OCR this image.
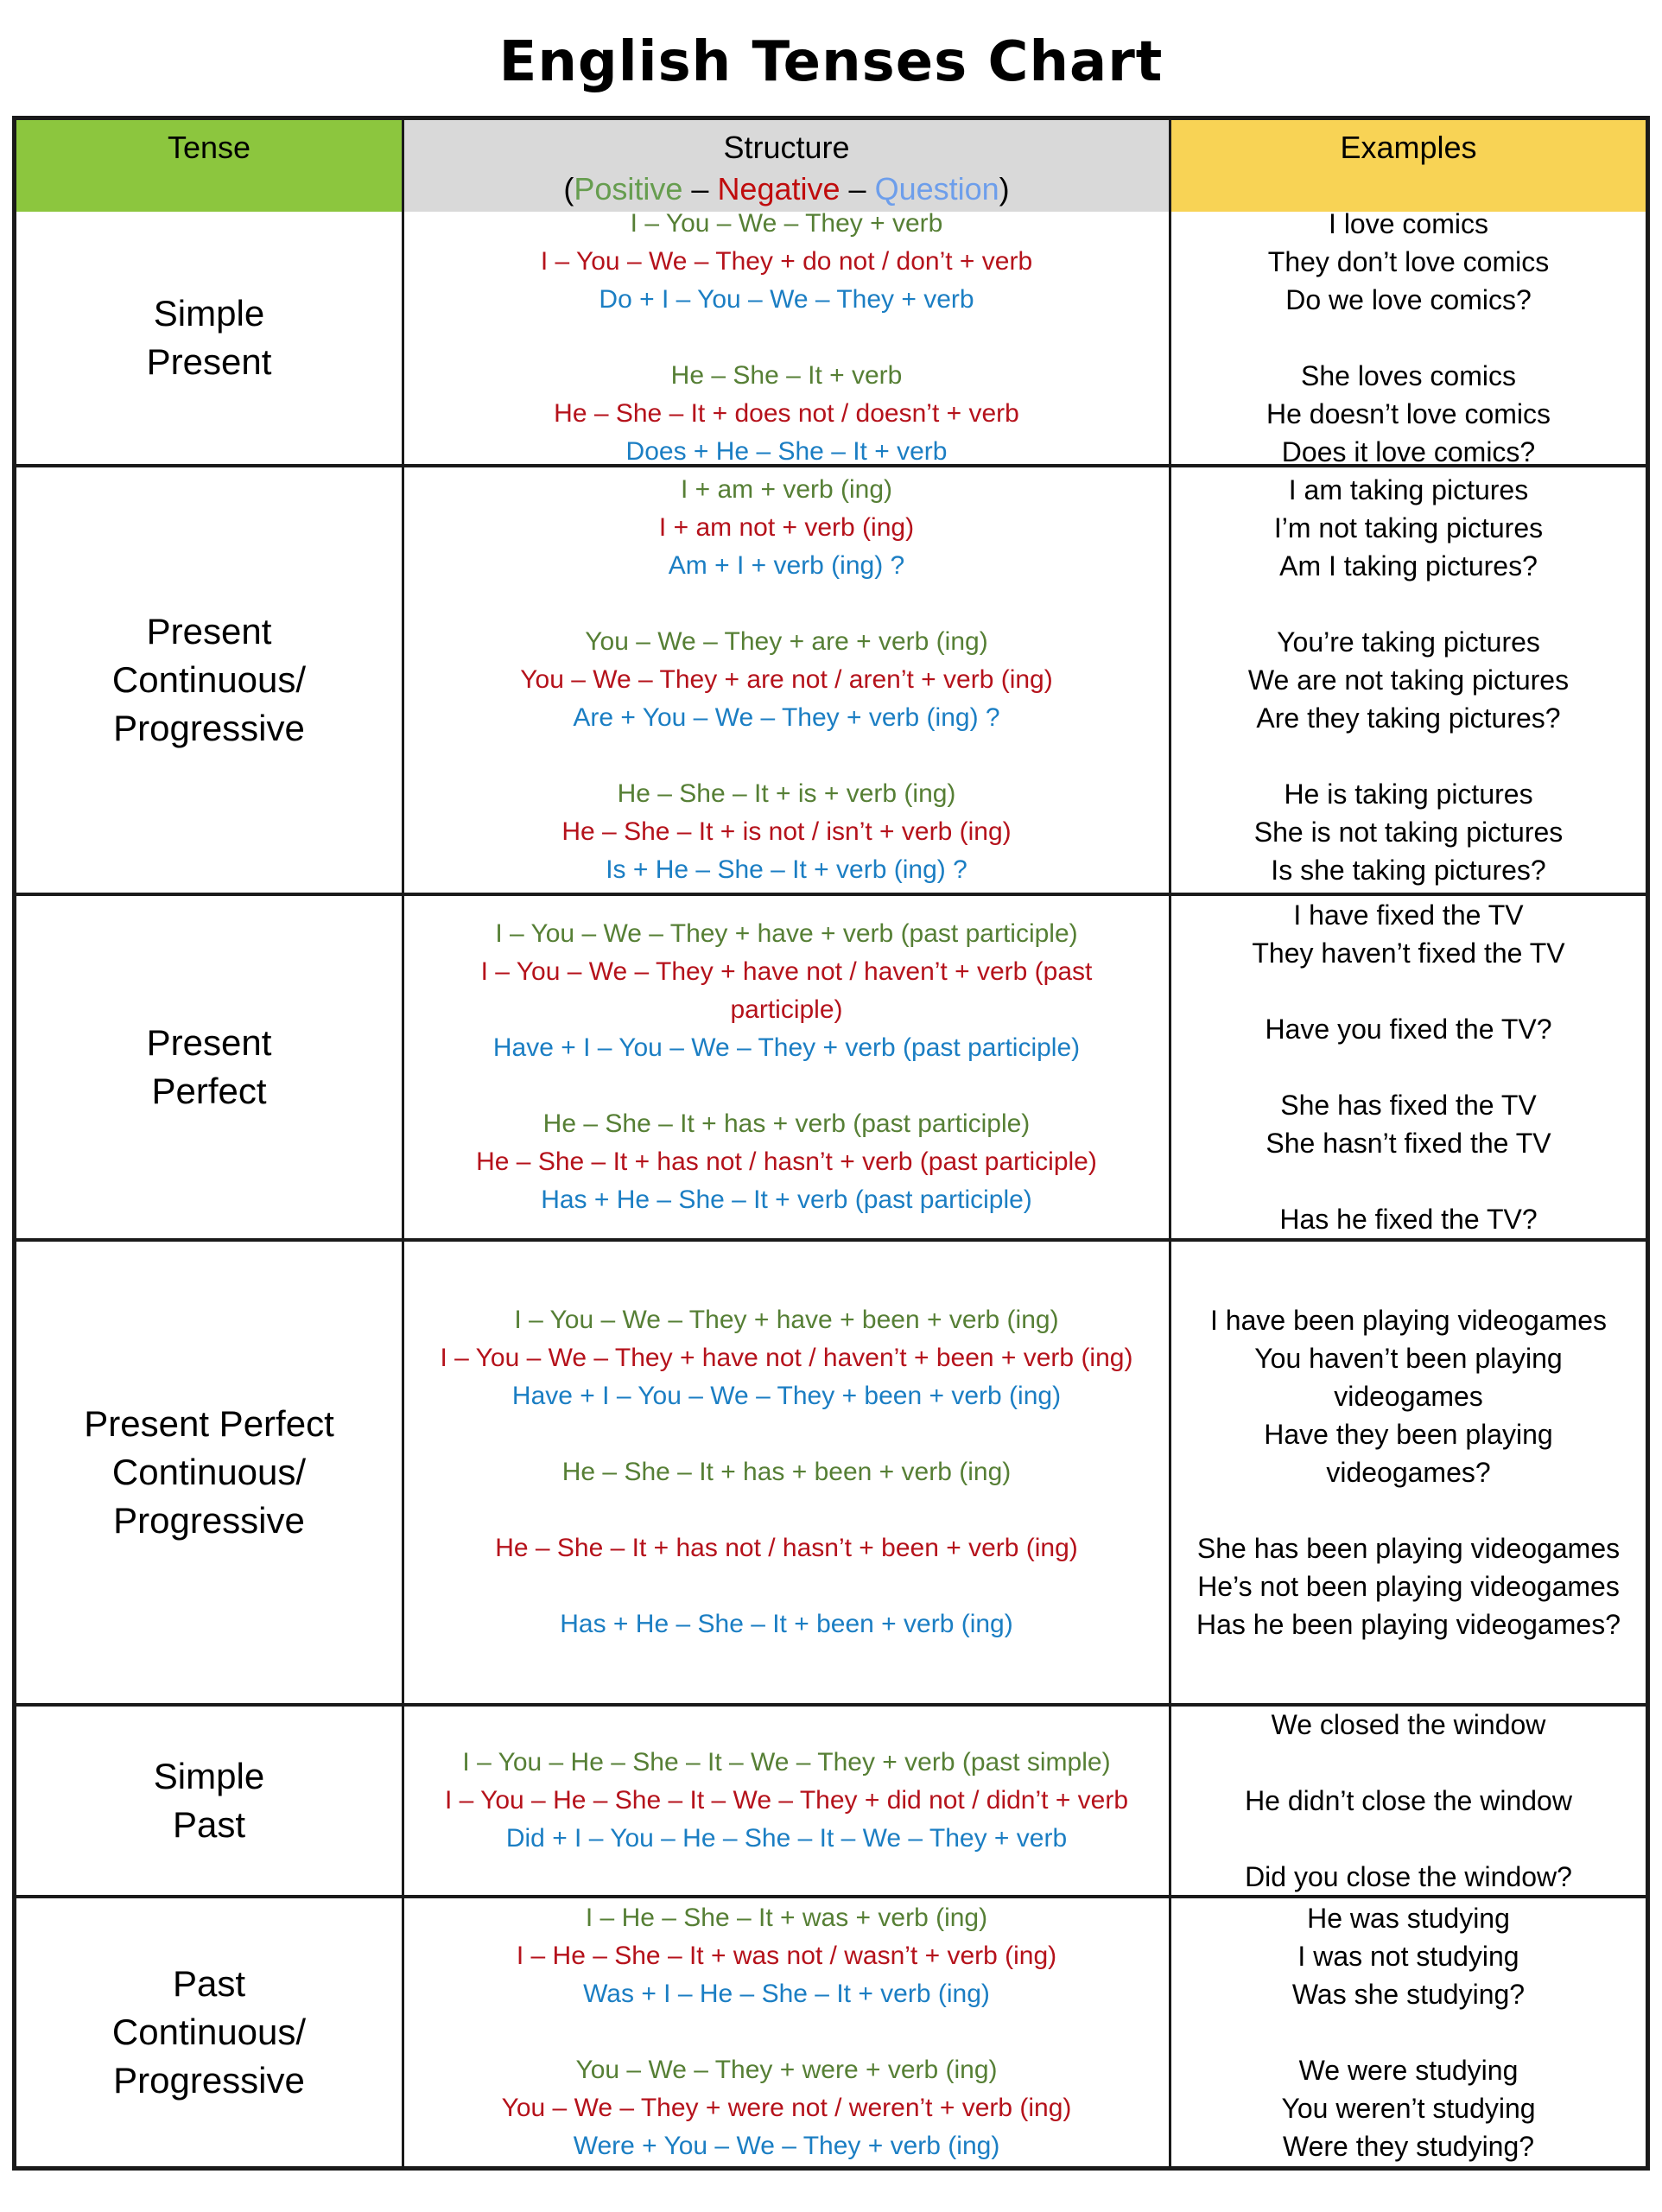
English Tenses Chart
Tense	Structure
(Positive – Negative – Question)
Examples
Simple
Present
I – You – We – They + verb
I – You – We – They + do not / don’t + verb
Do + I – You – We – They + verb
He – She – It + verb
He – She – It + does not / doesn’t + verb
Does + He – She – It + verb
I love comics
They don’t love comics
Do we love comics?
She loves comics
He doesn’t love comics
Does it love comics?
Present
Continuous/
Progressive
I + am + verb (ing)
I + am not + verb (ing)
Am + I + verb (ing) ?
You – We – They + are + verb (ing)
You – We – They + are not / aren’t + verb (ing)
Are + You – We – They + verb (ing) ?
He – She – It + is + verb (ing)
He – She – It + is not / isn’t + verb (ing)
Is + He – She – It + verb (ing) ?
I am taking pictures
I’m not taking pictures
Am I taking pictures?
You’re taking pictures
We are not taking pictures
Are they taking pictures?
He is taking pictures
She is not taking pictures
Is she taking pictures?
Present
Perfect
I – You – We – They + have + verb (past participle)
I – You – We – They + have not / haven’t + verb (past participle)
Have + I – You – We – They + verb (past participle)
He – She – It + has + verb (past participle)
He – She – It + has not / hasn’t + verb (past participle)
Has + He – She – It + verb (past participle)
I have fixed the TV
They haven’t fixed the TV
Have you fixed the TV?
She has fixed the TV
She hasn’t fixed the TV
Has he fixed the TV?
Present Perfect
Continuous/
Progressive
I – You – We – They + have + been + verb (ing)
I – You – We – They + have not / haven’t + been + verb (ing)
Have + I – You – We – They + been + verb (ing)
He – She – It + has + been + verb (ing)
He – She – It + has not / hasn’t + been + verb (ing)
Has + He – She – It + been + verb (ing)
I have been playing videogames
You haven’t been playing videogames
Have they been playing videogames?
She has been playing videogames
He’s not been playing videogames
Has he been playing videogames?
Simple
Past
I – You – He – She – It – We – They + verb (past simple)
I – You – He – She – It – We – They + did not / didn’t + verb
Did + I – You – He – She – It – We – They + verb
We closed the window
He didn’t close the window
Did you close the window?
Past
Continuous/
Progressive
I – He – She – It + was + verb (ing)
I – He – She – It + was not / wasn’t + verb (ing)
Was + I – He – She – It + verb (ing)
You – We – They + were + verb (ing)
You – We – They + were not / weren’t + verb (ing)
Were + You – We – They + verb (ing)
He was studying
I was not studying
Was she studying?
We were studying
You weren’t studying
Were they studying?
